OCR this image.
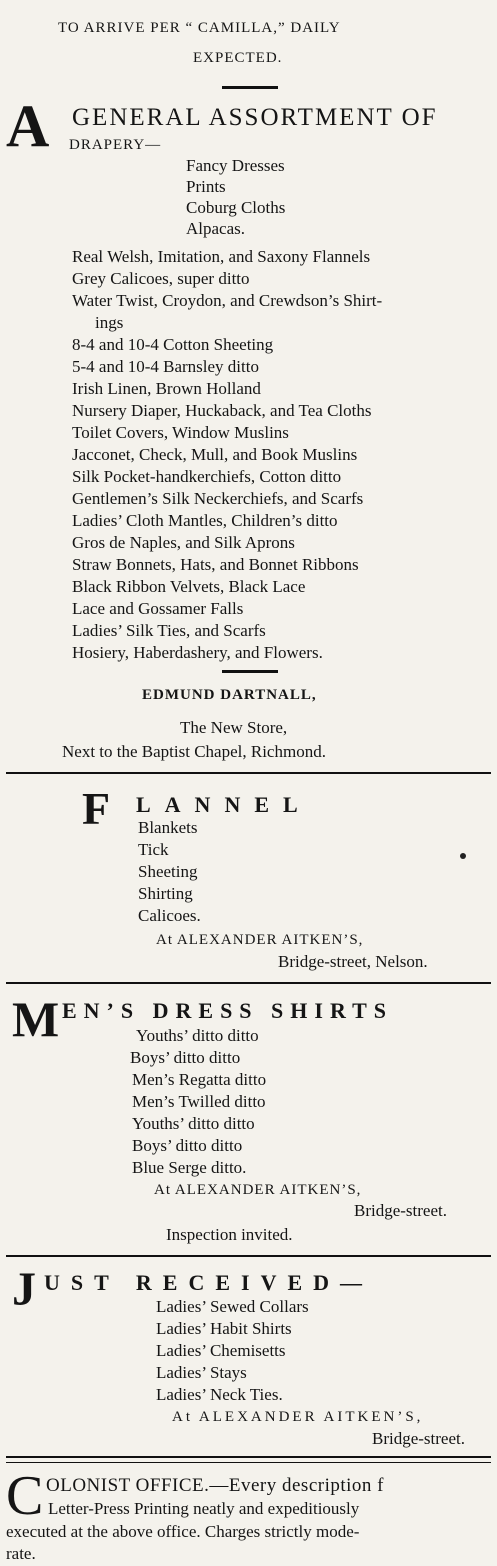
TO ARRIVE PER “ CAMILLA,” DAILY
EXPECTED.
A GENERAL ASSORTMENT OF
DRAPERY—
Fancy Dresses
Prints
Coburg Cloths
Alpacas.
Real Welsh, Imitation, and Saxony Flannels
Grey Calicoes, super ditto
Water Twist, Croydon, and Crewdson’s Shirt-
ings
8-4 and 10-4 Cotton Sheeting
5-4 and 10-4 Barnsley ditto
Irish Linen, Brown Holland
Nursery Diaper, Huckaback, and Tea Cloths
Toilet Covers, Window Muslins
Jacconet, Check, Mull, and Book Muslins
Silk Pocket-handkerchiefs, Cotton ditto
Gentlemen’s Silk Neckerchiefs, and Scarfs
Ladies’ Cloth Mantles, Children’s ditto
Gros de Naples, and Silk Aprons
Straw Bonnets, Hats, and Bonnet Ribbons
Black Ribbon Velvets, Black Lace
Lace and Gossamer Falls
Ladies’ Silk Ties, and Scarfs
Hosiery, Haberdashery, and Flowers.
EDMUND DARTNALL,
The New Store,
Next to the Baptist Chapel, Richmond.
F LANNEL
Blankets
Tick
Sheeting
Shirting
Calicoes.
At ALEXANDER AITKEN’S,
Bridge-street, Nelson.
M EN’S DRESS SHIRTS
Youths’ ditto ditto
Boys’ ditto ditto
Men’s Regatta ditto
Men’s Twilled ditto
Youths’ ditto ditto
Boys’ ditto ditto
Blue Serge ditto.
At ALEXANDER AITKEN’S,
Bridge-street.
Inspection invited.
J UST RECEIVED—
Ladies’ Sewed Collars
Ladies’ Habit Shirts
Ladies’ Chemisetts
Ladies’ Stays
Ladies’ Neck Ties.
At ALEXANDER AITKEN’S,
Bridge-street.
C OLONIST OFFICE.—Every description f
Letter-Press Printing neatly and expeditiously
executed at the above office. Charges strictly mode-
rate.
